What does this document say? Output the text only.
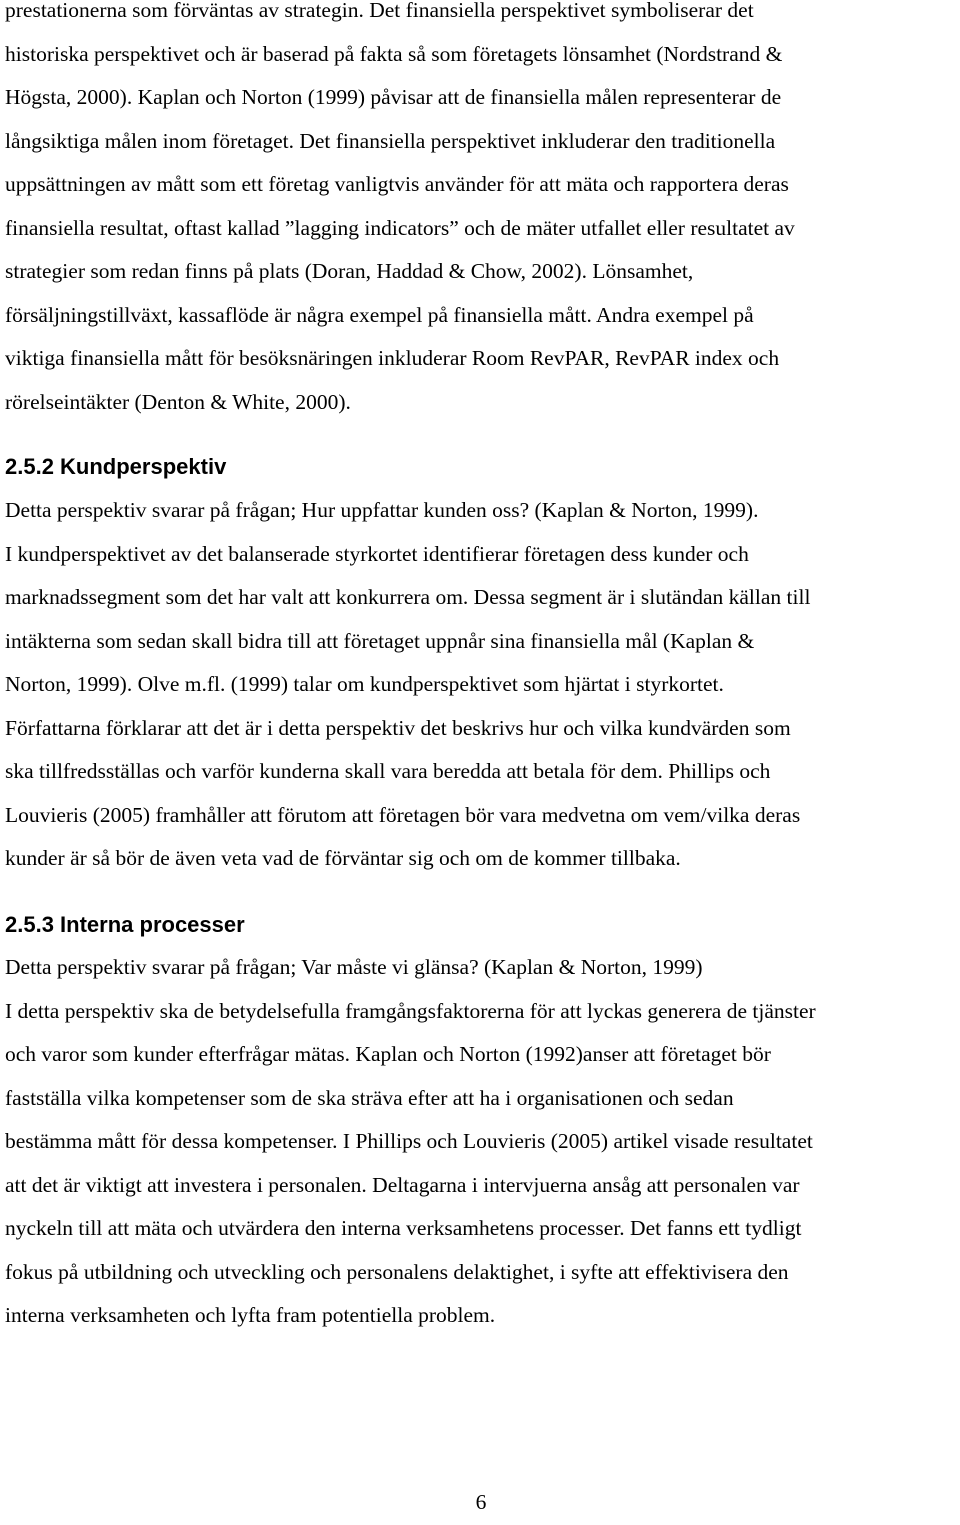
prestationerna som förväntas av strategin. Det finansiella perspektivet symboliserar det
historiska perspektivet och är baserad på fakta så som företagets lönsamhet (Nordstrand &
Högsta, 2000). Kaplan och Norton (1999) påvisar att de finansiella målen representerar de
långsiktiga målen inom företaget. Det finansiella perspektivet inkluderar den traditionella
uppsättningen av mått som ett företag vanligtvis använder för att mäta och rapportera deras
finansiella resultat, oftast kallad ”lagging indicators” och de mäter utfallet eller resultatet av
strategier som redan finns på plats (Doran, Haddad & Chow, 2002). Lönsamhet,
försäljningstillväxt, kassaflöde är några exempel på finansiella mått. Andra exempel på
viktiga finansiella mått för besöksnäringen inkluderar Room RevPAR, RevPAR index och
rörelseintäkter (Denton & White, 2000).
2.5.2 Kundperspektiv
Detta perspektiv svarar på frågan; Hur uppfattar kunden oss? (Kaplan & Norton, 1999).
I kundperspektivet av det balanserade styrkortet identifierar företagen dess kunder och
marknadssegment som det har valt att konkurrera om. Dessa segment är i slutändan källan till
intäkterna som sedan skall bidra till att företaget uppnår sina finansiella mål (Kaplan &
Norton, 1999). Olve m.fl. (1999) talar om kundperspektivet som hjärtat i styrkortet.
Författarna förklarar att det är i detta perspektiv det beskrivs hur och vilka kundvärden som
ska tillfredsställas och varför kunderna skall vara beredda att betala för dem. Phillips och
Louvieris (2005) framhåller att förutom att företagen bör vara medvetna om vem/vilka deras
kunder är så bör de även veta vad de förväntar sig och om de kommer tillbaka.
2.5.3 Interna processer
Detta perspektiv svarar på frågan; Var måste vi glänsa? (Kaplan & Norton, 1999)
I detta perspektiv ska de betydelsefulla framgångsfaktorerna för att lyckas generera de tjänster
och varor som kunder efterfrågar mätas. Kaplan och Norton (1992)anser att företaget bör
fastställa vilka kompetenser som de ska sträva efter att ha i organisationen och sedan
bestämma mått för dessa kompetenser. I Phillips och Louvieris (2005) artikel visade resultatet
att det är viktigt att investera i personalen. Deltagarna i intervjuerna ansåg att personalen var
nyckeln till att mäta och utvärdera den interna verksamhetens processer. Det fanns ett tydligt
fokus på utbildning och utveckling och personalens delaktighet, i syfte att effektivisera den
interna verksamheten och lyfta fram potentiella problem.
6
